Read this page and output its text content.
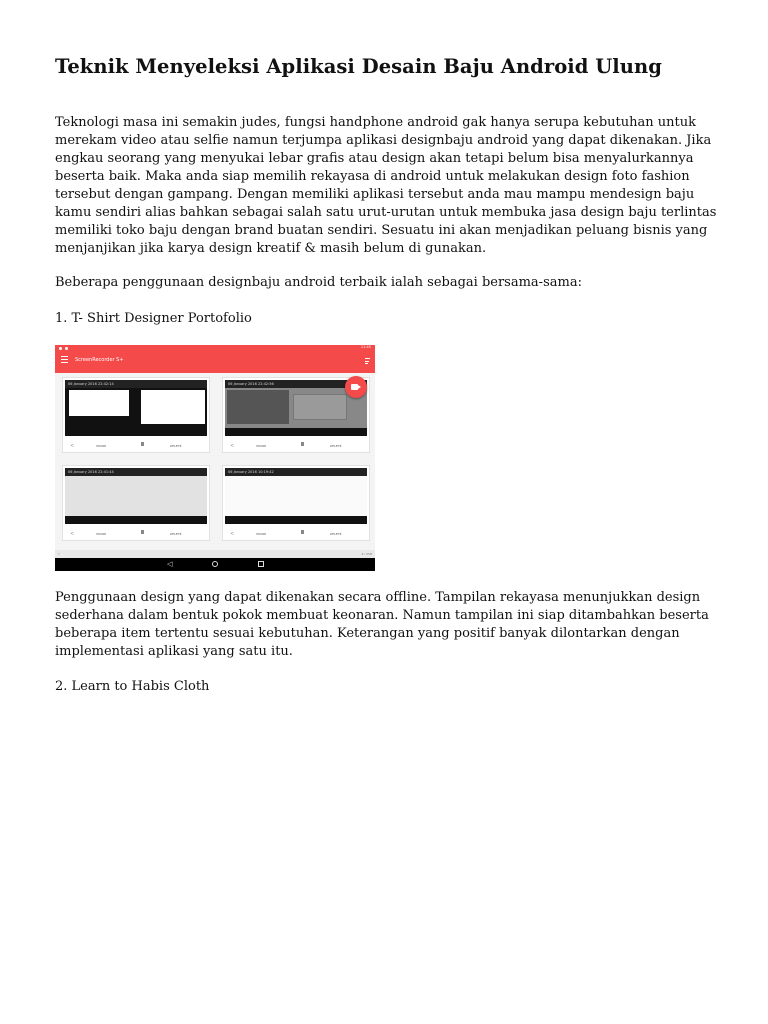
Teknik Menyeleksi Aplikasi Desain Baju Android Ulung

Teknologi masa ini semakin judes, fungsi handphone android gak hanya serupa kebutuhan untuk
merekam video atau selfie namun terjumpa aplikasi designbaju android yang dapat dikenakan. Jika
engkau seorang yang menyukai lebar grafis atau design akan tetapi belum bisa menyalurkannya
beserta baik. Maka anda siap memilih rekayasa di android untuk melakukan design foto fashion
tersebut dengan gampang. Dengan memiliki aplikasi tersebut anda mau mampu mendesign baju
kamu sendiri alias bahkan sebagai salah satu urut-urutan untuk membuka jasa design baju terlintas
memiliki toko baju dengan brand buatan sendiri. Sesuatu ini akan menjadikan peluang bisnis yang
menjanjikan jika karya design kreatif & masih belum di gunakan.

Beberapa penggunaan designbaju android terbaik ialah sebagai bersama-sama:

1. T- Shirt Designer Portofolio

11:45
ScreenRecorder S+
06 January 2016 22:42:14
<	SHARE	DELETE
06 January 2016 22:42:56
<	SHARE	DELETE
06 January 2016 22:41:44
<	SHARE	DELETE
06 January 2016 10:19:42
<	SHARE	DELETE
‹	4 / 558
◁

Penggunaan design yang dapat dikenakan secara offline. Tampilan rekayasa menunjukkan design
sederhana dalam bentuk pokok membuat keonaran. Namun tampilan ini siap ditambahkan beserta
beberapa item tertentu sesuai kebutuhan. Keterangan yang positif banyak dilontarkan dengan
implementasi aplikasi yang satu itu.

2. Learn to Habis Cloth
